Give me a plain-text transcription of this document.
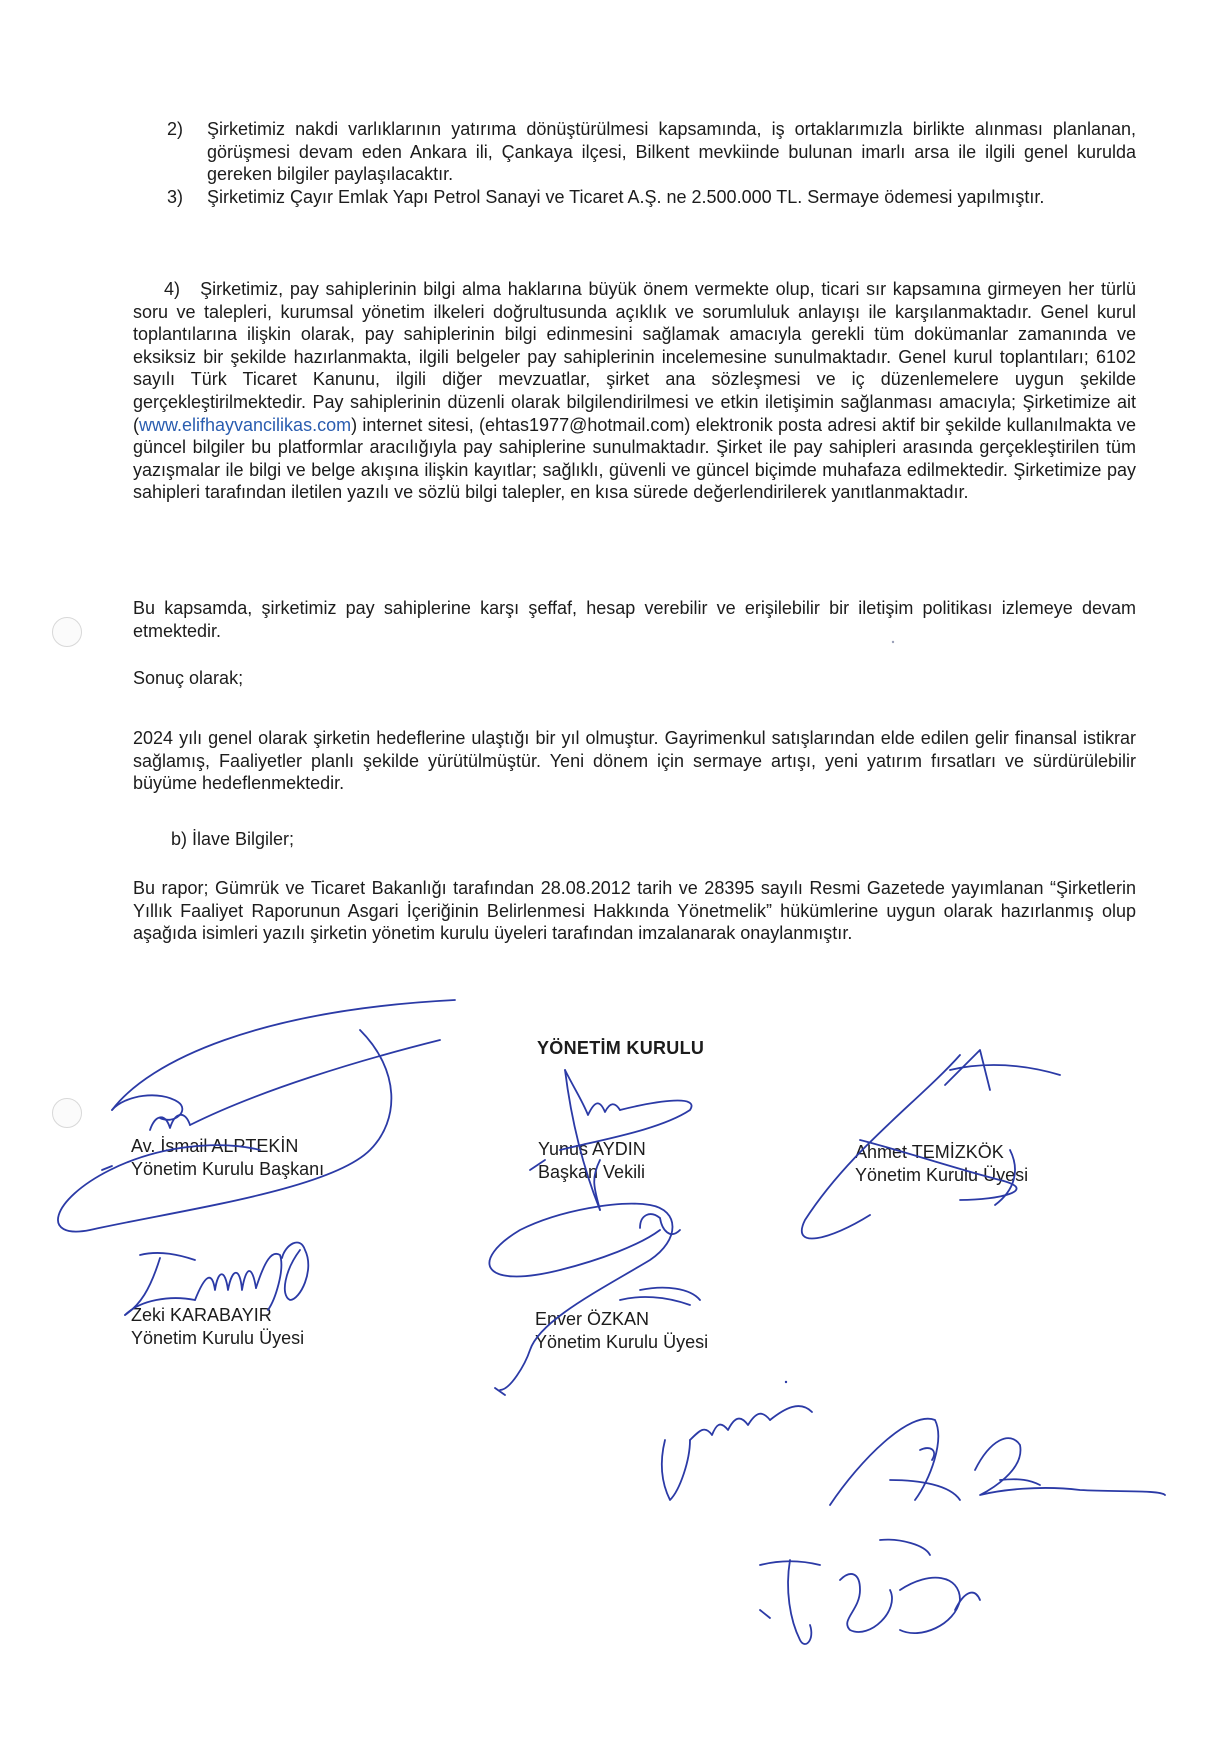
2)	Şirketimiz nakdi varlıklarının yatırıma dönüştürülmesi kapsamında, iş ortaklarımızla birlikte alınması planlanan, görüşmesi devam eden Ankara ili, Çankaya ilçesi, Bilkent mevkiinde bulunan imarlı arsa ile ilgili genel kurulda gereken bilgiler paylaşılacaktır.
3)	Şirketimiz Çayır Emlak Yapı Petrol Sanayi ve Ticaret A.Ş. ne 2.500.000 TL. Sermaye ödemesi yapılmıştır.
4) Şirketimiz, pay sahiplerinin bilgi alma haklarına büyük önem vermekte olup, ticari sır kapsamına girmeyen her türlü soru ve talepleri, kurumsal yönetim ilkeleri doğrultusunda açıklık ve sorumluluk anlayışı ile karşılanmaktadır. Genel kurul toplantılarına ilişkin olarak, pay sahiplerinin bilgi edinmesini sağlamak amacıyla gerekli tüm dokümanlar zamanında ve eksiksiz bir şekilde hazırlanmakta, ilgili belgeler pay sahiplerinin incelemesine sunulmaktadır. Genel kurul toplantıları; 6102 sayılı Türk Ticaret Kanunu, ilgili diğer mevzuatlar, şirket ana sözleşmesi ve iç düzenlemelere uygun şekilde gerçekleştirilmektedir. Pay sahiplerinin düzenli olarak bilgilendirilmesi ve etkin iletişimin sağlanması amacıyla; Şirketimize ait (www.elifhayvancilikas.com) internet sitesi, (ehtas1977@hotmail.com) elektronik posta adresi aktif bir şekilde kullanılmakta ve güncel bilgiler bu platformlar aracılığıyla pay sahiplerine sunulmaktadır. Şirket ile pay sahipleri arasında gerçekleştirilen tüm yazışmalar ile bilgi ve belge akışına ilişkin kayıtlar; sağlıklı, güvenli ve güncel biçimde muhafaza edilmektedir. Şirketimize pay sahipleri tarafından iletilen yazılı ve sözlü bilgi talepler, en kısa sürede değerlendirilerek yanıtlanmaktadır.
Bu kapsamda, şirketimiz pay sahiplerine karşı şeffaf, hesap verebilir ve erişilebilir bir iletişim politikası izlemeye devam etmektedir.
Sonuç olarak;
2024 yılı genel olarak şirketin hedeflerine ulaştığı bir yıl olmuştur. Gayrimenkul satışlarından elde edilen gelir finansal istikrar sağlamış, Faaliyetler planlı şekilde yürütülmüştür. Yeni dönem için sermaye artışı, yeni yatırım fırsatları ve sürdürülebilir büyüme hedeflenmektedir.
b) İlave Bilgiler;
Bu rapor; Gümrük ve Ticaret Bakanlığı tarafından 28.08.2012 tarih ve 28395 sayılı Resmi Gazetede yayımlanan “Şirketlerin Yıllık Faaliyet Raporunun Asgari İçeriğinin Belirlenmesi Hakkında Yönetmelik” hükümlerine uygun olarak hazırlanmış olup aşağıda isimleri yazılı şirketin yönetim kurulu üyeleri tarafından imzalanarak onaylanmıştır.
YÖNETİM KURULU
Av. İsmail ALPTEKİN
Yönetim Kurulu Başkanı
Yunus AYDIN
Başkan Vekili
Ahmet TEMİZKÖK
Yönetim Kurulu Üyesi
Zeki KARABAYIR
Yönetim Kurulu Üyesi
Enver ÖZKAN
Yönetim Kurulu Üyesi
